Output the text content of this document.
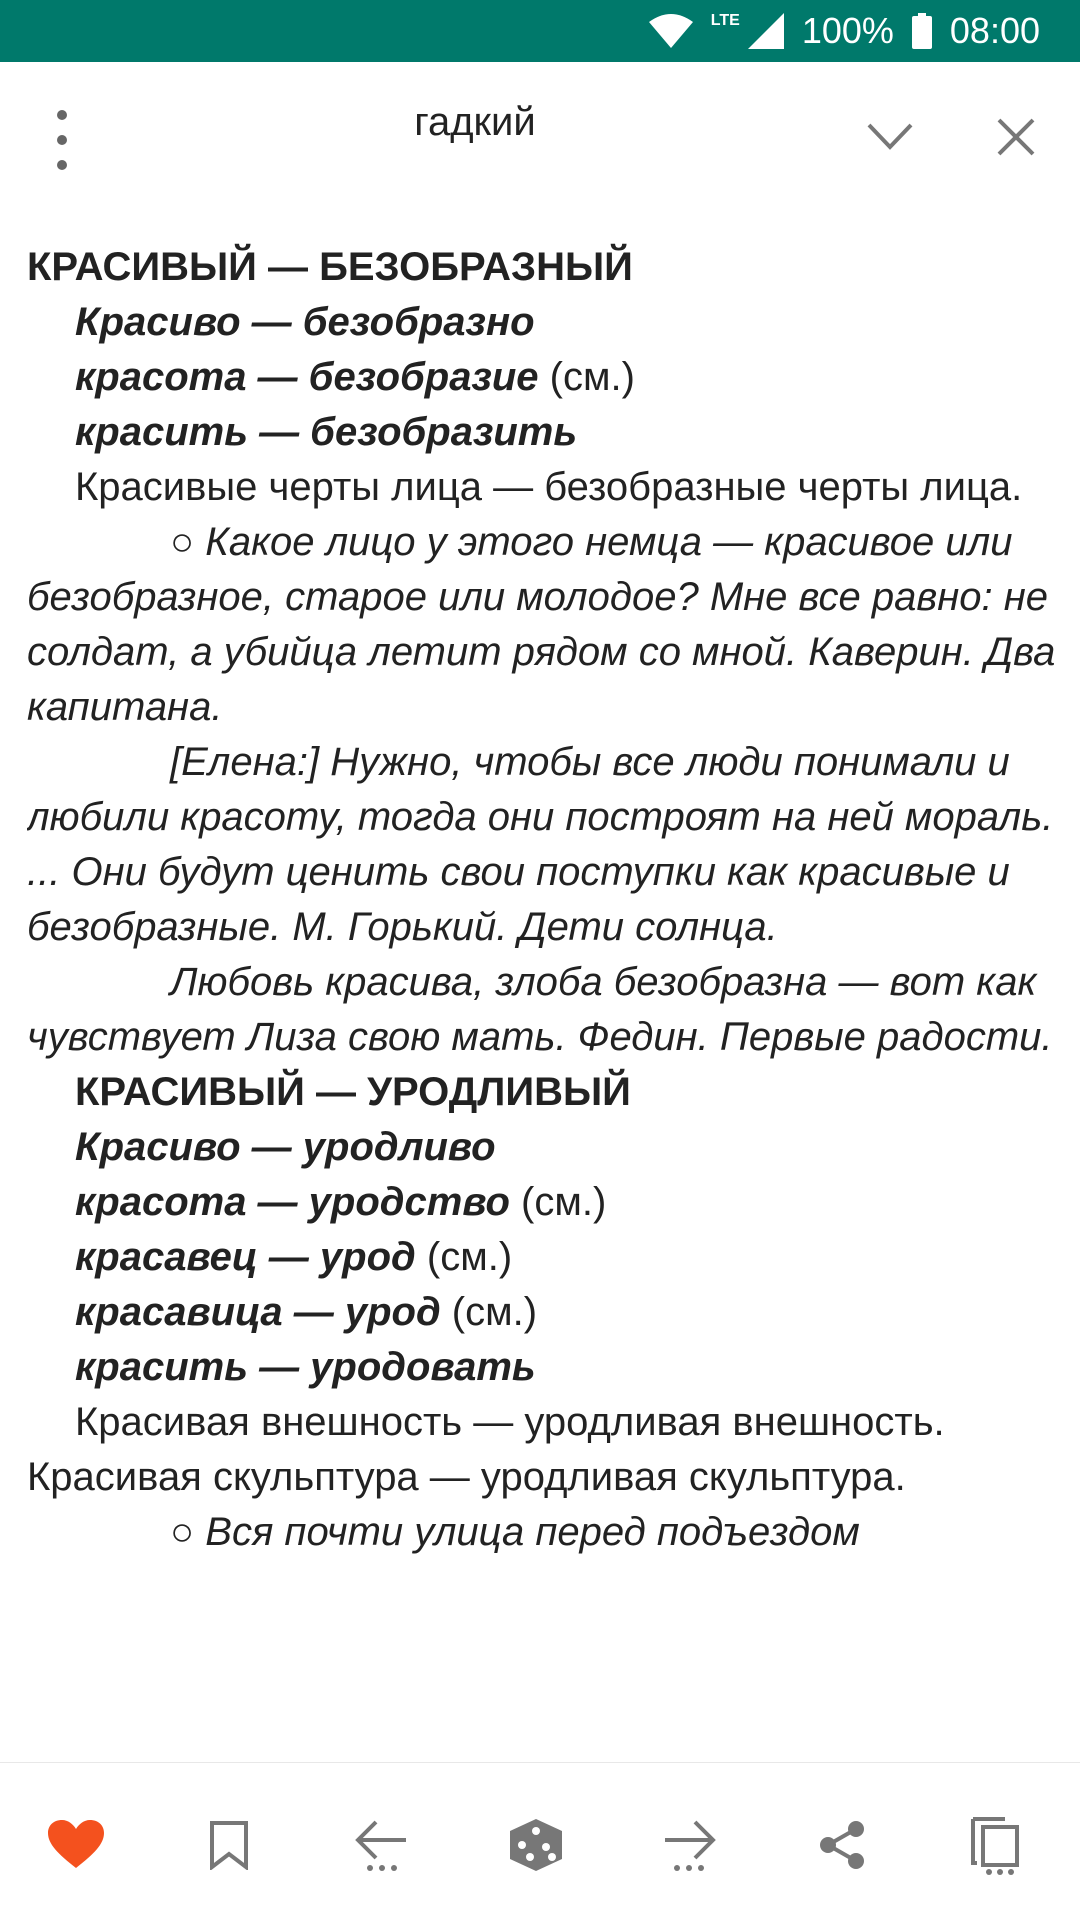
LTE 100% 08:00
гадкий

КРАСИВЫЙ — БЕЗОБРАЗНЫЙ

Красиво — безобразно

красота — безобразие (см.)

красить — безобразить

Красивые черты лица — безобразные черты лица.

○ Какое лицо у этого немца — красивое или безобразное, старое или молодое? Мне все равно: не солдат, а убийца летит рядом со мной. Каверин. Два капитана.

[Елена:] Нужно, чтобы все люди понимали и любили красоту, тогда они построят на ней мораль. ... Они будут ценить свои поступки как красивые и безобразные. М. Горький. Дети солнца.

Любовь красива, злоба безобразна — вот как чувствует Лиза свою мать. Федин. Первые радости.

КРАСИВЫЙ — УРОДЛИВЫЙ

Красиво — уродливо

красота — уродство (см.)

красавец — урод (см.)

красавица — урод (см.)

красить — уродовать

Красивая внешность — уродливая внешность. Красивая скульптура — уродливая скульптура.

○ Вся почти улица перед подъездом
